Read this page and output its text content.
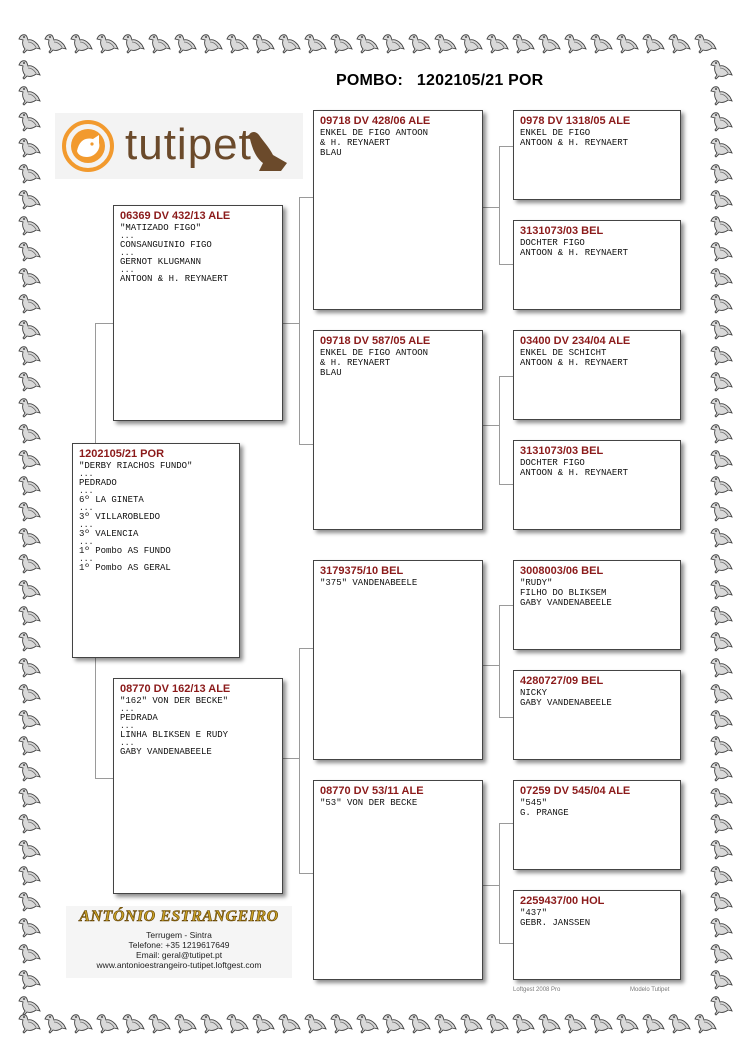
POMBO: 1202105/21 POR
tutipet
1202105/21 POR
"DERBY RIACHOS FUNDO"
...
PEDRADO
...
6º LA GINETA
...
3º VILLAROBLEDO
...
3º VALENCIA
...
1º Pombo AS FUNDO
...
1º Pombo AS GERAL
06369 DV 432/13 ALE
"MATIZADO FIGO"
...
CONSANGUINIO FIGO
...
GERNOT KLUGMANN
...
ANTOON & H. REYNAERT
08770 DV 162/13 ALE
"162" VON DER BECKE"
...
PEDRADA
...
LINHA BLIKSEN E RUDY
...
GABY VANDENABEELE
09718 DV 428/06 ALE
ENKEL DE FIGO ANTOON
& H. REYNAERT
BLAU
09718 DV 587/05 ALE
ENKEL DE FIGO ANTOON
& H. REYNAERT
BLAU
3179375/10 BEL
"375" VANDENABEELE
08770 DV 53/11 ALE
"53" VON DER BECKE
0978 DV 1318/05 ALE
ENKEL DE FIGO
ANTOON & H. REYNAERT
3131073/03 BEL
DOCHTER FIGO
ANTOON & H. REYNAERT
03400 DV 234/04 ALE
ENKEL DE SCHICHT
ANTOON & H. REYNAERT
3131073/03 BEL
DOCHTER FIGO
ANTOON & H. REYNAERT
3008003/06 BEL
"RUDY"
FILHO DO BLIKSEM
GABY VANDENABEELE
4280727/09 BEL
NICKY
GABY VANDENABEELE
07259 DV 545/04 ALE
"545"
G. PRANGE
2259437/00 HOL
"437"
GEBR. JANSSEN
ANTÓNIO ESTRANGEIRO
Terrugem - Sintra
Telefone: +35 1219617649
Email: geral@tutipet.pt
www.antonioestrangeiro-tutipet.loftgest.com
Loftgest 2008 Pro	Modelo Tutipet
